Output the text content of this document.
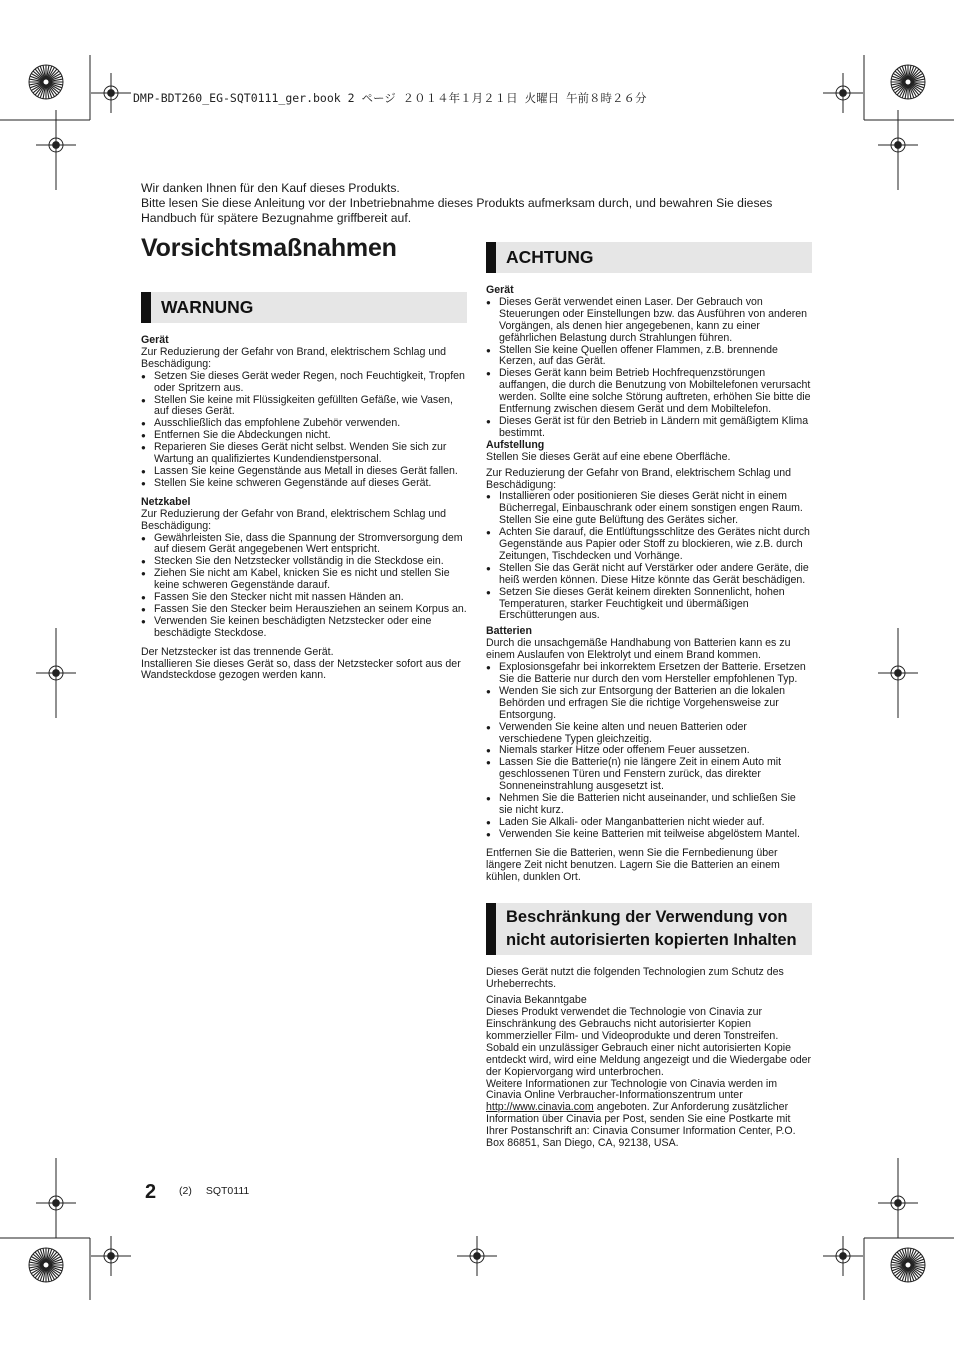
DMP-BDT260_EG-SQT0111_ger.book 2 ページ ２０１４年１月２１日 火曜日 午前８時２６分

Wir danken Ihnen für den Kauf dieses Produkts.

Bitte lesen Sie diese Anleitung vor der Inbetriebnahme dieses Produkts aufmerksam durch, und bewahren Sie dieses Handbuch für spätere Bezugnahme griffbereit auf.

Vorsichtsmaßnahmen
WARNUNG
Gerät

Zur Reduzierung der Gefahr von Brand, elektrischem Schlag und Beschädigung:

● Setzen Sie dieses Gerät weder Regen, noch Feuchtigkeit, Tropfen oder Spritzern aus.
● Stellen Sie keine mit Flüssigkeiten gefüllten Gefäße, wie Vasen, auf dieses Gerät.
● Ausschließlich das empfohlene Zubehör verwenden.
● Entfernen Sie die Abdeckungen nicht.
● Reparieren Sie dieses Gerät nicht selbst. Wenden Sie sich zur Wartung an qualifiziertes Kundendienstpersonal.
● Lassen Sie keine Gegenstände aus Metall in dieses Gerät fallen.
● Stellen Sie keine schweren Gegenstände auf dieses Gerät.
Netzkabel

Zur Reduzierung der Gefahr von Brand, elektrischem Schlag und Beschädigung:

● Gewährleisten Sie, dass die Spannung der Stromversorgung dem auf diesem Gerät angegebenen Wert entspricht.
● Stecken Sie den Netzstecker vollständig in die Steckdose ein.
● Ziehen Sie nicht am Kabel, knicken Sie es nicht und stellen Sie keine schweren Gegenstände darauf.
● Fassen Sie den Stecker nicht mit nassen Händen an.
● Fassen Sie den Stecker beim Herausziehen an seinem Korpus an.
● Verwenden Sie keinen beschädigten Netzstecker oder eine beschädigte Steckdose.

Der Netzstecker ist das trennende Gerät.

Installieren Sie dieses Gerät so, dass der Netzstecker sofort aus der Wandsteckdose gezogen werden kann.

ACHTUNG
Gerät
● Dieses Gerät verwendet einen Laser. Der Gebrauch von Steuerungen oder Einstellungen bzw. das Ausführen von anderen Vorgängen, als denen hier angegebenen, kann zu einer gefährlichen Belastung durch Strahlungen führen.
● Stellen Sie keine Quellen offener Flammen, z.B. brennende Kerzen, auf das Gerät.
● Dieses Gerät kann beim Betrieb Hochfrequenzstörungen auffangen, die durch die Benutzung von Mobiltelefonen verursacht werden. Sollte eine solche Störung auftreten, erhöhen Sie bitte die Entfernung zwischen diesem Gerät und dem Mobiltelefon.
● Dieses Gerät ist für den Betrieb in Ländern mit gemäßigtem Klima bestimmt.
Aufstellung

Stellen Sie dieses Gerät auf eine ebene Oberfläche.

Zur Reduzierung der Gefahr von Brand, elektrischem Schlag und Beschädigung:

● Installieren oder positionieren Sie dieses Gerät nicht in einem Bücherregal, Einbauschrank oder einem sonstigen engen Raum. Stellen Sie eine gute Belüftung des Gerätes sicher.
● Achten Sie darauf, die Entlüftungsschlitze des Gerätes nicht durch Gegenstände aus Papier oder Stoff zu blockieren, wie z.B. durch Zeitungen, Tischdecken und Vorhänge.
● Stellen Sie das Gerät nicht auf Verstärker oder andere Geräte, die heiß werden können. Diese Hitze könnte das Gerät beschädigen.
● Setzen Sie dieses Gerät keinem direkten Sonnenlicht, hohen Temperaturen, starker Feuchtigkeit und übermäßigen Erschütterungen aus.
Batterien

Durch die unsachgemäße Handhabung von Batterien kann es zu einem Auslaufen von Elektrolyt und einem Brand kommen.

● Explosionsgefahr bei inkorrektem Ersetzen der Batterie. Ersetzen Sie die Batterie nur durch den vom Hersteller empfohlenen Typ.
● Wenden Sie sich zur Entsorgung der Batterien an die lokalen Behörden und erfragen Sie die richtige Vorgehensweise zur Entsorgung.
● Verwenden Sie keine alten und neuen Batterien oder verschiedene Typen gleichzeitig.
● Niemals starker Hitze oder offenem Feuer aussetzen.
● Lassen Sie die Batterie(n) nie längere Zeit in einem Auto mit geschlossenen Türen und Fenstern zurück, das direkter Sonneneinstrahlung ausgesetzt ist.
● Nehmen Sie die Batterien nicht auseinander, und schließen Sie sie nicht kurz.
● Laden Sie Alkali- oder Manganbatterien nicht wieder auf.
● Verwenden Sie keine Batterien mit teilweise abgelöstem Mantel.

Entfernen Sie die Batterien, wenn Sie die Fernbedienung über längere Zeit nicht benutzen. Lagern Sie die Batterien an einem kühlen, dunklen Ort.

Beschränkung der Verwendung von
nicht autorisierten kopierten Inhalten

Dieses Gerät nutzt die folgenden Technologien zum Schutz des Urheberrechts.

Cinavia Bekanntgabe

Dieses Produkt verwendet die Technologie von Cinavia zur Einschränkung des Gebrauchs nicht autorisierter Kopien kommerzieller Film- und Videoprodukte und deren Tonstreifen.

Sobald ein unzulässiger Gebrauch einer nicht autorisierten Kopie entdeckt wird, wird eine Meldung angezeigt und die Wiedergabe oder der Kopiervorgang wird unterbrochen.

Weitere Informationen zur Technologie von Cinavia werden im Cinavia Online Verbraucher-Informationszentrum unter http://www.cinavia.com angeboten. Zur Anforderung zusätzlicher Information über Cinavia per Post, senden Sie eine Postkarte mit Ihrer Postanschrift an: Cinavia Consumer Information Center, P.O. Box 86851, San Diego, CA, 92138, USA.

2 (2) SQT0111
